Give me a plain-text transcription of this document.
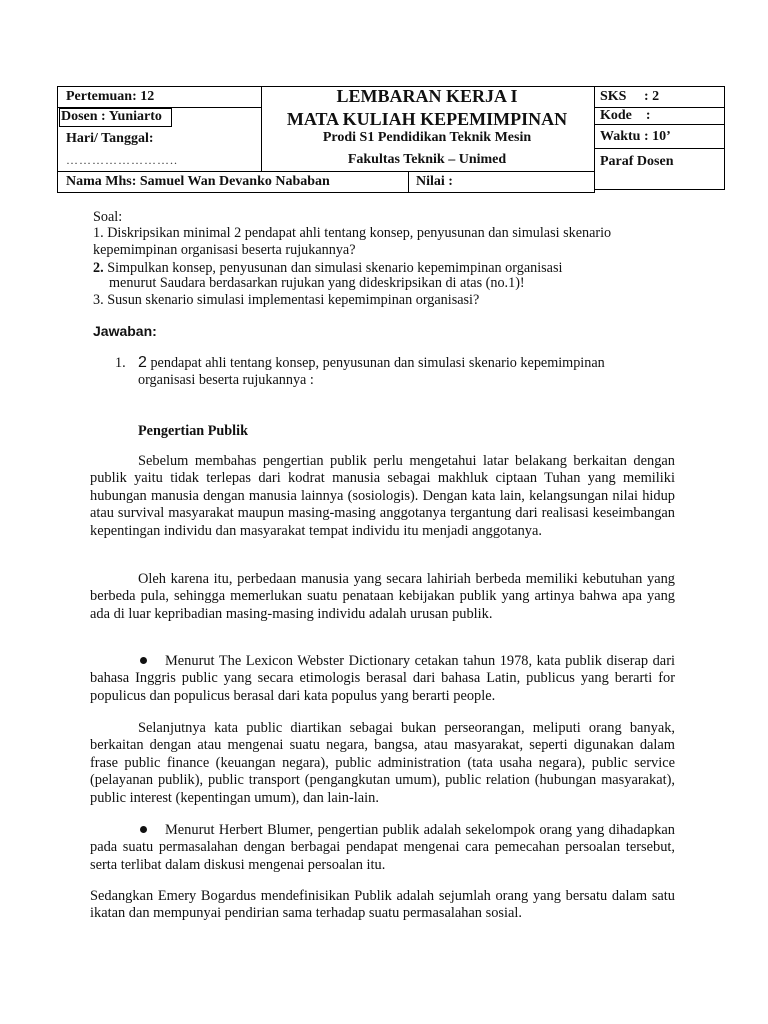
Pertemuan: 12
Dosen : Yuniarto
Hari/ Tanggal:
……………………..
LEMBARAN KERJA I
MATA KULIAH KEPEMIMPINAN
Prodi S1 Pendidikan Teknik Mesin
Fakultas Teknik – Unimed
SKS     : 2
Kode    :
Waktu : 10’
Paraf Dosen
Nama Mhs: Samuel Wan Devanko Nababan	Nilai :
Soal:
1. Diskripsikan minimal 2 pendapat ahli tentang konsep, penyusunan dan simulasi skenario
kepemimpinan organisasi beserta rujukannya?
2. Simpulkan konsep, penyusunan dan simulasi skenario kepemimpinan organisasi
menurut Saudara berdasarkan rujukan yang dideskripsikan di atas (no.1)!
3. Susun skenario simulasi implementasi kepemimpinan organisasi?
Jawaban:
1. 2 pendapat ahli tentang konsep, penyusunan dan simulasi skenario kepemimpinan
organisasi beserta rujukannya :
Pengertian Publik
Sebelum membahas pengertian publik perlu mengetahui latar belakang berkaitan dengan publik yaitu tidak terlepas dari kodrat manusia sebagai makhluk ciptaan Tuhan yang memiliki hubungan manusia dengan manusia lainnya (sosiologis). Dengan kata lain, kelangsungan nilai hidup atau survival masyarakat maupun masing-masing anggotanya tergantung dari realisasi keseimbangan kepentingan individu dan masyarakat tempat individu itu menjadi anggotanya.
Oleh karena itu, perbedaan manusia yang secara lahiriah berbeda memiliki kebutuhan yang berbeda pula, sehingga memerlukan suatu penataan kebijakan publik yang artinya bahwa apa yang ada di luar kepribadian masing-masing individu adalah urusan publik.
Menurut The Lexicon Webster Dictionary cetakan tahun 1978, kata publik diserap dari bahasa Inggris public yang secara etimologis berasal dari bahasa Latin, publicus yang berarti for populicus dan populicus berasal dari kata populus yang berarti people.
Selanjutnya kata public diartikan sebagai bukan perseorangan, meliputi orang banyak, berkaitan dengan atau mengenai suatu negara, bangsa, atau masyarakat, seperti digunakan dalam frase public finance (keuangan negara), public administration (tata usaha negara), public service (pelayanan publik), public transport (pengangkutan umum), public relation (hubungan masyarakat), public interest (kepentingan umum), dan lain-lain.
Menurut Herbert Blumer, pengertian publik adalah sekelompok orang yang dihadapkan pada suatu permasalahan dengan berbagai pendapat mengenai cara pemecahan persoalan tersebut, serta terlibat dalam diskusi mengenai persoalan itu.
Sedangkan Emery Bogardus mendefinisikan Publik adalah sejumlah orang yang bersatu dalam satu ikatan dan mempunyai pendirian sama terhadap suatu permasalahan sosial.
